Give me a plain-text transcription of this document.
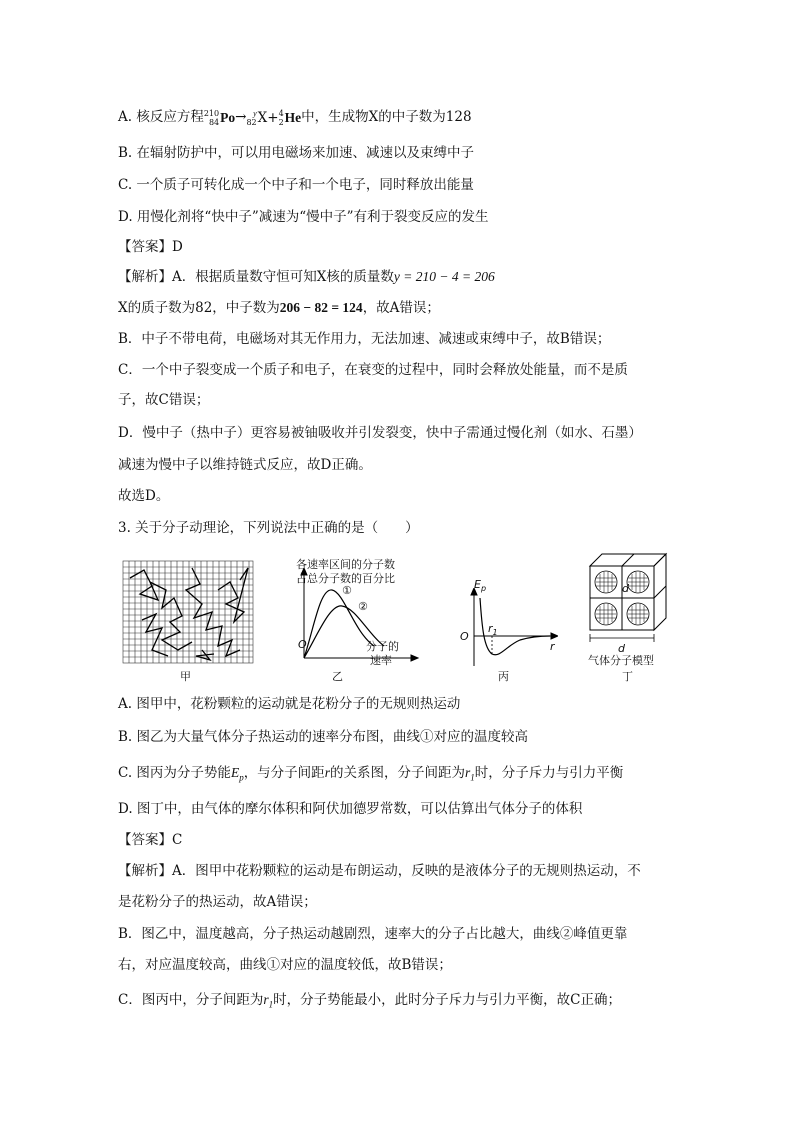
A. 核反应方程 210
84 Po→ y
82 X+ 4
2 He中，生成物X的中子数为128
B. 在辐射防护中，可以用电磁场来加速、减速以及束缚中子
C. 一个质子可转化成一个中子和一个电子，同时释放出能量
D. 用慢化剂将“快中子”减速为“慢中子”有利于裂变反应的发生
【答案】D
【解析】A．根据质量数守恒可知X核的质量数y = 210 − 4 = 206
X的质子数为82，中子数为206 − 82 = 124，故A错误；
B．中子不带电荷，电磁场对其无作用力，无法加速、减速或束缚中子，故B错误；
C．一个中子裂变成一个质子和电子，在衰变的过程中，同时会释放处能量，而不是质
子，故C错误；
D．慢中子（热中子）更容易被铀吸收并引发裂变，快中子需通过慢化剂（如水、石墨）
减速为慢中子以维持链式反应，故D正确。
故选D。
3. 关于分子动理论，下列说法中正确的是（　　）
甲
各速率区间的分子数
占总分子数的百分比
①
②
O	分子的
速率
乙
$E_p$
O
$r_1$
r
丙
d
d
气体分子模型
丁
A. 图甲中，花粉颗粒的运动就是花粉分子的无规则热运动
B. 图乙为大量气体分子热运动的速率分布图，曲线①对应的温度较高
C. 图丙为分子势能$E_p$，与分子间距r的关系图，分子间距为$r_1$时，分子斥力与引力平衡
D. 图丁中，由气体的摩尔体积和阿伏加德罗常数，可以估算出气体分子的体积
【答案】C
【解析】A．图甲中花粉颗粒的运动是布朗运动，反映的是液体分子的无规则热运动，不
是花粉分子的热运动，故A错误；
B．图乙中，温度越高，分子热运动越剧烈，速率大的分子占比越大，曲线②峰值更靠
右，对应温度较高，曲线①对应的温度较低，故B错误；
C．图丙中，分子间距为$r_1$时，分子势能最小，此时分子斥力与引力平衡，故C正确；
